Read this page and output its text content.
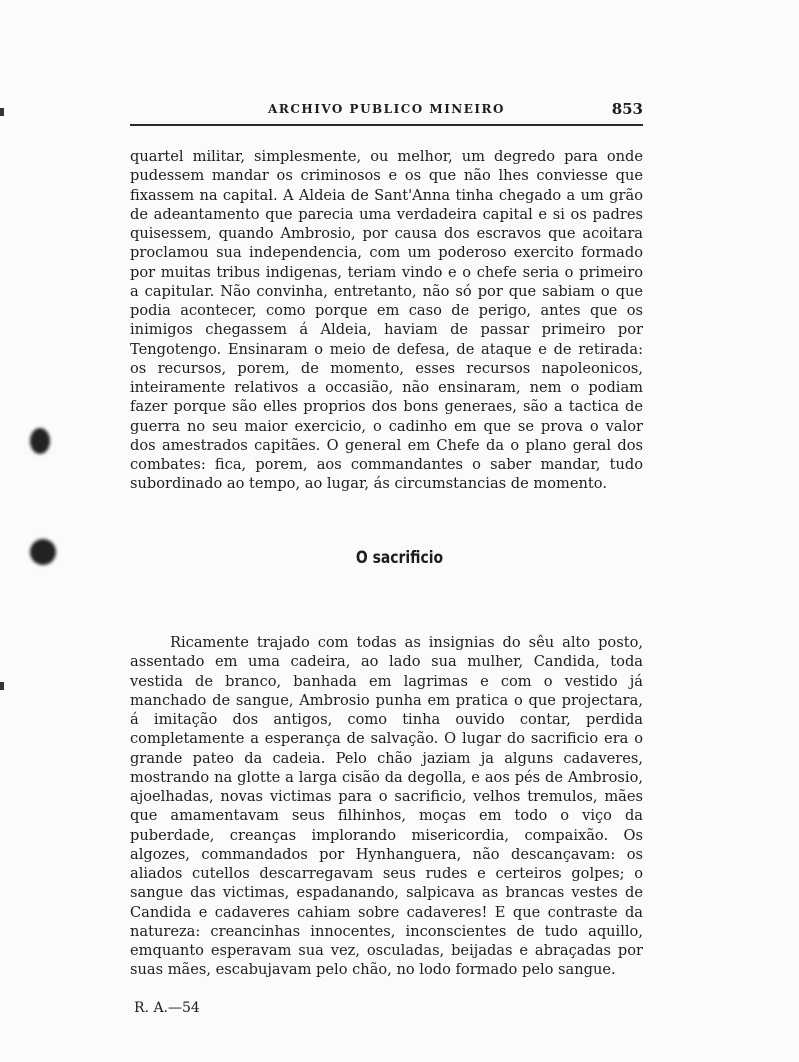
ARCHIVO PUBLICO MINEIRO	853

quartel militar, simplesmente, ou melhor, um degredo para onde pudessem mandar os criminosos e os que não lhes conviesse que fixassem na capital. A Aldeia de Sant'Anna tinha chegado a um grão de adeantamento que parecia uma verdadeira capital e si os padres quisessem, quando Ambrosio, por causa dos escravos que acoitara proclamou sua independencia, com um poderoso exercito formado por muitas tribus indigenas, teriam vindo e o chefe seria o primeiro a capitular. Não convinha, entretanto, não só por que sabiam o que podia acontecer, como porque em caso de perigo, antes que os inimigos chegassem á Aldeia, haviam de passar primeiro por Tengotengo. Ensinaram o meio de defesa, de ataque e de retirada: os recursos, porem, de momento, esses recursos napoleonicos, inteiramente relativos a occasião, não ensinaram, nem o podiam fazer porque são elles proprios dos bons generaes, são a tactica de guerra no seu maior exercicio, o cadinho em que se prova o valor dos amestrados capitães. O general em Chefe da o plano geral dos combates: fica, porem, aos commandantes o saber mandar, tudo subordinado ao tempo, ao lugar, ás circumstancias de momento.

O sacrificio

Ricamente trajado com todas as insignias do sêu alto posto, assentado em uma cadeira, ao lado sua mulher, Candida, toda vestida de branco, banhada em lagrimas e com o vestido já manchado de sangue, Ambrosio punha em pratica o que projectara, á imitação dos antigos, como tinha ouvido contar, perdida completamente a esperança de salvação. O lugar do sacrificio era o grande pateo da cadeia. Pelo chão jaziam ja alguns cadaveres, mostrando na glotte a larga cisão da degolla, e aos pés de Ambrosio, ajoelhadas, novas victimas para o sacrificio, velhos tremulos, mães que amamentavam seus filhinhos, moças em todo o viço da puberdade, creanças implorando misericordia, compaixão. Os algozes, commandados por Hynhanguera, não descançavam: os aliados cutellos descarregavam seus rudes e certeiros golpes; o sangue das victimas, espadanando, salpicava as brancas vestes de Candida e cadaveres cahiam sobre cadaveres! E que contraste da natureza: creancinhas innocentes, inconscientes de tudo aquillo, emquanto esperavam sua vez, osculadas, beijadas e abraçadas por suas mães, escabujavam pelo chão, no lodo formado pelo sangue.

R. A.—54
